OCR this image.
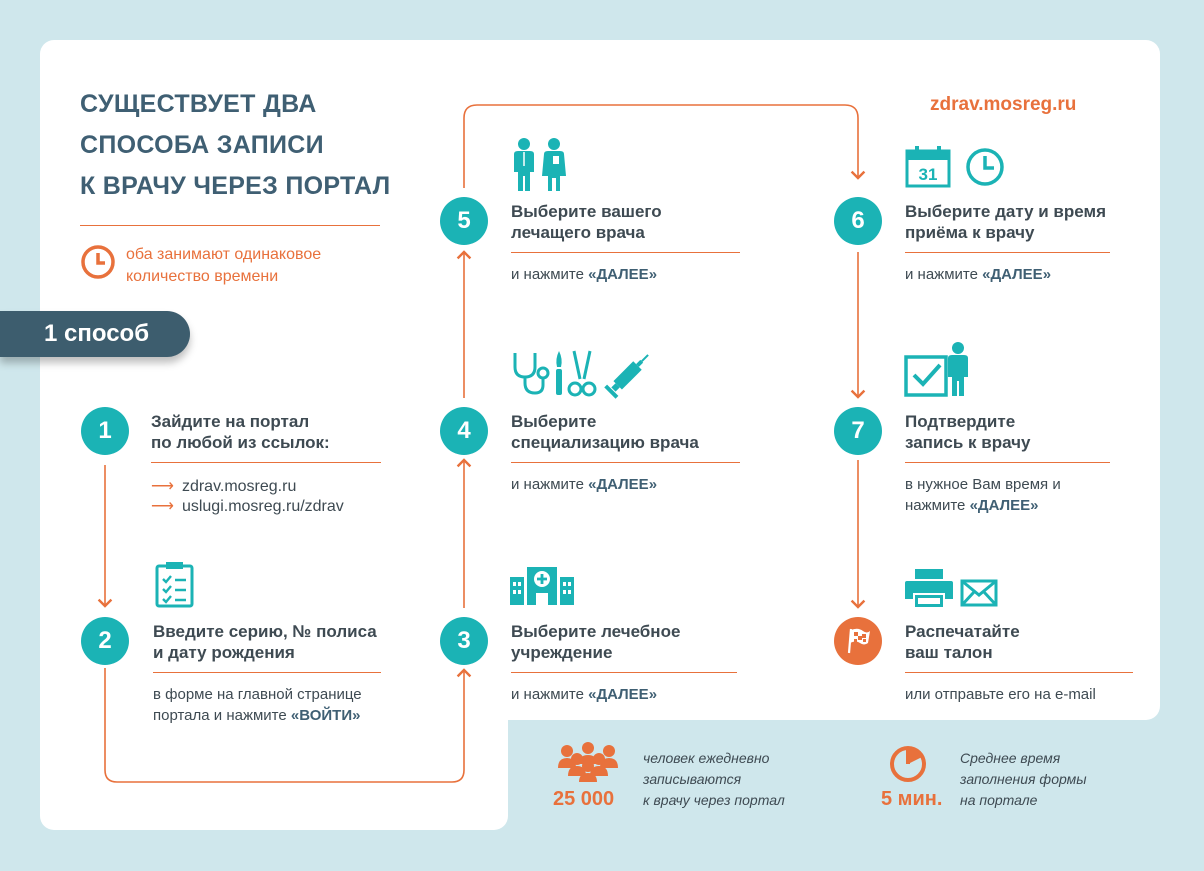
СУЩЕСТВУЕТ ДВА
СПОСОБА ЗАПИСИ
К ВРАЧУ ЧЕРЕЗ ПОРТАЛ
zdrav.mosreg.ru
оба занимают одинаковое количество времени
1 способ
1	Зайдите на портал
по любой из ссылок:
⟶ zdrav.mosreg.ru
⟶ uslugi.mosreg.ru/zdrav
2	Введите серию, № полиса
и дату рождения
в форме на главной странице
портала и нажмите «ВОЙТИ»
3	Выберите лечебное
учреждение
и нажмите «ДАЛЕЕ»
4	Выберите
специализацию врача
и нажмите «ДАЛЕЕ»
5	Выберите вашего
лечащего врача
и нажмите «ДАЛЕЕ»
31
6	Выберите дату и время
приёма к врачу
и нажмите «ДАЛЕЕ»
7	Подтвердите
запись к врачу
в нужное Вам время и
нажмите «ДАЛЕЕ»
Распечатайте
ваш талон
или отправьте его на e-mail
25 000
человек ежедневно
записываются
к врачу через портал	5 мин.
Среднее время
заполнения формы
на портале
